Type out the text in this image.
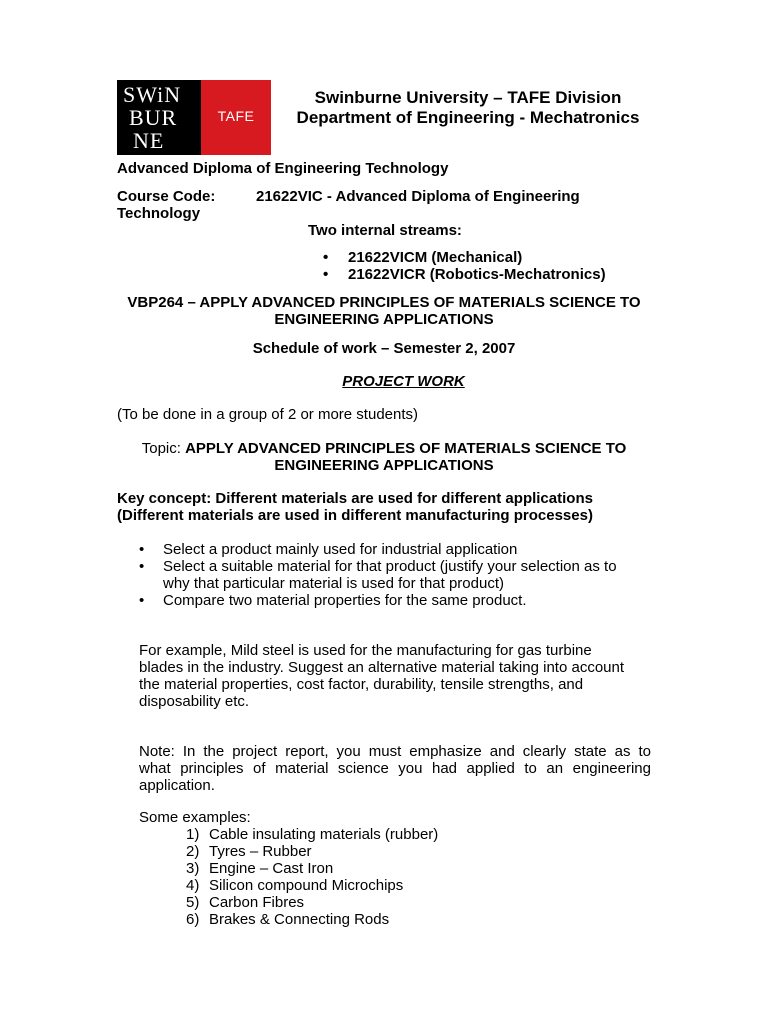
SWiN
BUR
NE
TAFE
Swinburne University – TAFE Division
Department of Engineering - Mechatronics
Advanced Diploma of Engineering Technology
Course Code:	21622VIC - Advanced Diploma of Engineering
Technology
Two internal streams:
• 21622VICM (Mechanical)
• 21622VICR (Robotics-Mechatronics)
VBP264 – APPLY ADVANCED PRINCIPLES OF MATERIALS SCIENCE TO
ENGINEERING APPLICATIONS
Schedule of work – Semester 2, 2007
PROJECT WORK
(To be done in a group of 2 or more students)
Topic: APPLY ADVANCED PRINCIPLES OF MATERIALS SCIENCE TO
ENGINEERING APPLICATIONS
Key concept: Different materials are used for different applications
(Different materials are used in different manufacturing processes)
• Select a product mainly used for industrial application
• Select a suitable material for that product (justify your selection as to
why that particular material is used for that product)
• Compare two material properties for the same product.
For example, Mild steel is used for the manufacturing for gas turbine
blades in the industry. Suggest an alternative material taking into account
the material properties, cost factor, durability, tensile strengths, and
disposability etc.
Note: In the project report, you must emphasize and clearly state as to
what principles of material science you had applied to an engineering
application.
Some examples:
1) Cable insulating materials (rubber)
2) Tyres – Rubber
3) Engine – Cast Iron
4) Silicon compound Microchips
5) Carbon Fibres
6) Brakes & Connecting Rods
